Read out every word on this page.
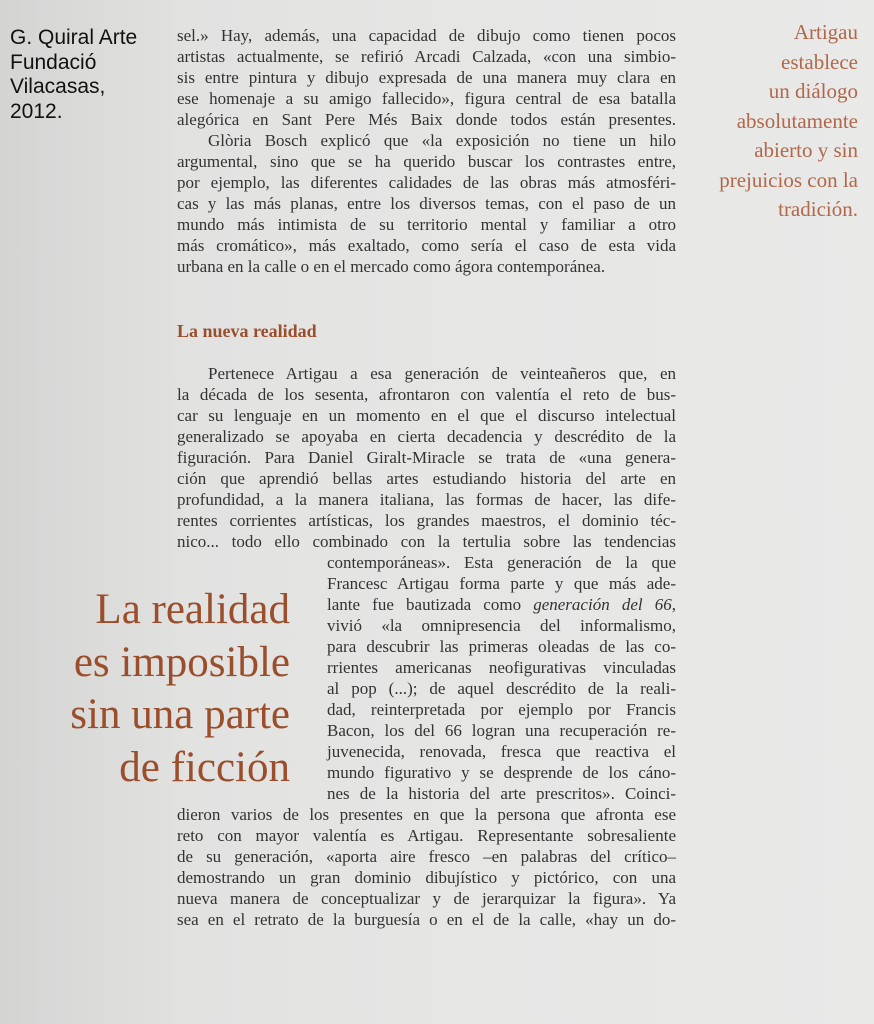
G. Quiral Arte
Fundació
Vilacasas,
2012.
Artigau
establece
un diálogo
absolutamente
abierto y sin
prejuicios con la
tradición.
sel.» Hay, además, una capacidad de dibujo como tienen pocos
artistas actualmente, se refirió Arcadi Calzada, «con una simbio-
sis entre pintura y dibujo expresada de una manera muy clara en
ese homenaje a su amigo fallecido», figura central de esa batalla
alegórica en Sant Pere Més Baix donde todos están presentes.
Glòria Bosch explicó que «la exposición no tiene un hilo
argumental, sino que se ha querido buscar los contrastes entre,
por ejemplo, las diferentes calidades de las obras más atmosféri-
cas y las más planas, entre los diversos temas, con el paso de un
mundo más intimista de su territorio mental y familiar a otro
más cromático», más exaltado, como sería el caso de esta vida
urbana en la calle o en el mercado como ágora contemporánea.
La nueva realidad
Pertenece Artigau a esa generación de veinteañeros que, en
la década de los sesenta, afrontaron con valentía el reto de bus-
car su lenguaje en un momento en el que el discurso intelectual
generalizado se apoyaba en cierta decadencia y descrédito de la
figuración. Para Daniel Giralt-Miracle se trata de «una genera-
ción que aprendió bellas artes estudiando historia del arte en
profundidad, a la manera italiana, las formas de hacer, las dife-
rentes corrientes artísticas, los grandes maestros, el dominio téc-
nico... todo ello combinado con la tertulia sobre las tendencias
contemporáneas». Esta generación de la que
Francesc Artigau forma parte y que más ade-
lante fue bautizada como generación del 66,
vivió «la omnipresencia del informalismo,
para descubrir las primeras oleadas de las co-
rrientes americanas neofigurativas vinculadas
al pop (...); de aquel descrédito de la reali-
dad, reinterpretada por ejemplo por Francis
Bacon, los del 66 logran una recuperación re-
juvenecida, renovada, fresca que reactiva el
mundo figurativo y se desprende de los cáno-
nes de la historia del arte prescritos». Coinci-
dieron varios de los presentes en que la persona que afronta ese
reto con mayor valentía es Artigau. Representante sobresaliente
de su generación, «aporta aire fresco –en palabras del crítico–
demostrando un gran dominio dibujístico y pictórico, con una
nueva manera de conceptualizar y de jerarquizar la figura». Ya
sea en el retrato de la burguesía o en el de la calle, «hay un do-
La realidad
es imposible
sin una parte
de ficción
